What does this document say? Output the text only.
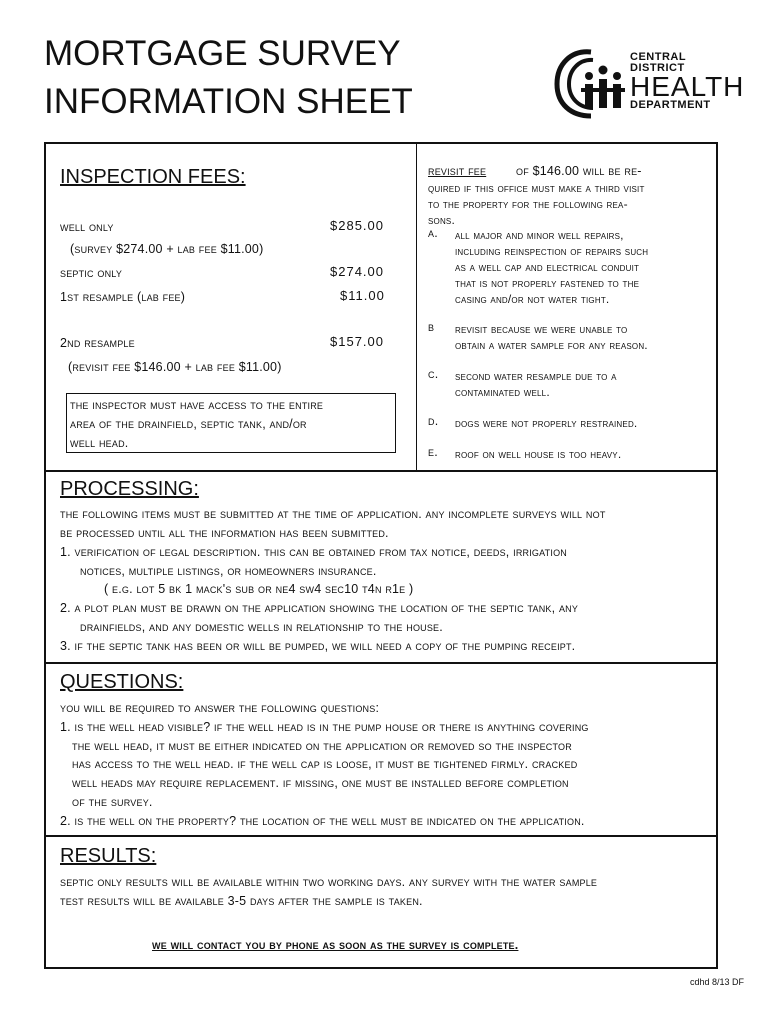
MORTGAGE SURVEY
INFORMATION SHEET
CENTRAL
DISTRICT
HEALTH
DEPARTMENT
INSPECTION FEES:
well only	$285.00
(survey $274.00 + lab fee $11.00)
septic only	$274.00
1st resample (lab fee)	$11.00
2nd resample	$157.00
(revisit fee $146.00 + lab fee $11.00)
the inspector must have access to the entire
area of the drainfield, septic tank, and/or
well head.
revisit fee of $146.00 will be re-
quired if this office must make a third visit
to the property for the following rea-
sons.
a. all major and minor well repairs,
including reinspection of repairs such
as a well cap and electrical conduit
that is not properly fastened to the
casing and/or not water tight.
b revisit because we were unable to
obtain a water sample for any reason.
c. second water resample due to a
contaminated well.
d. dogs were not properly restrained.
e. roof on well house is too heavy.
PROCESSING:
the following items must be submitted at the time of application. any incomplete surveys will not
be processed until all the information has been submitted.
1. verification of legal description. this can be obtained from tax notice, deeds, irrigation
notices, multiple listings, or homeowners insurance.
( e.g. lot 5 bk 1 mack's sub or ne4 sw4 sec10 t4n r1e )
2. a plot plan must be drawn on the application showing the location of the septic tank, any
drainfields, and any domestic wells in relationship to the house.
3. if the septic tank has been or will be pumped, we will need a copy of the pumping receipt.
QUESTIONS:
you will be required to answer the following questions:
1. is the well head visible? if the well head is in the pump house or there is anything covering
the well head, it must be either indicated on the application or removed so the inspector
has access to the well head. if the well cap is loose, it must be tightened firmly. cracked
well heads may require replacement. if missing, one must be installed before completion
of the survey.
2. is the well on the property? the location of the well must be indicated on the application.
RESULTS:
septic only results will be available within two working days. any survey with the water sample
test results will be available 3-5 days after the sample is taken.
we will contact you by phone as soon as the survey is complete.
cdhd 8/13 DF
